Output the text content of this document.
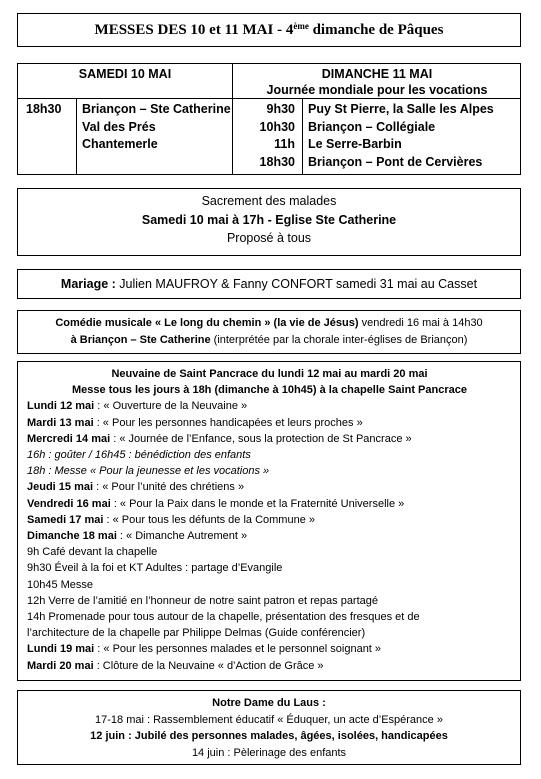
MESSES DES 10 et 11 MAI - 4ème dimanche de Pâques
SAMEDI 10 MAI	DIMANCHE 11 MAI
Journée mondiale pour les vocations
18h30 Briançon – Ste Catherine
Val des Prés
Chantemerle
9h30
10h30
11h
18h30
Puy St Pierre, la Salle les Alpes
Briançon – Collégiale
Le Serre-Barbin
Briançon – Pont de Cervières
Sacrement des malades
Samedi 10 mai à 17h - Eglise Ste Catherine
Proposé à tous
Mariage : Julien MAUFROY & Fanny CONFORT samedi 31 mai au Casset
Comédie musicale « Le long du chemin » (la vie de Jésus) vendredi 16 mai à 14h30
à Briançon – Ste Catherine (interprétée par la chorale inter-églises de Briançon)
Neuvaine de Saint Pancrace du lundi 12 mai au mardi 20 mai
Messe tous les jours à 18h (dimanche à 10h45) à la chapelle Saint Pancrace
Lundi 12 mai : « Ouverture de la Neuvaine »
Mardi 13 mai : « Pour les personnes handicapées et leurs proches »
Mercredi 14 mai : « Journée de l’Enfance, sous la protection de St Pancrace »
16h : goûter / 16h45 : bénédiction des enfants
18h : Messe « Pour la jeunesse et les vocations »
Jeudi 15 mai : « Pour l’unité des chrétiens »
Vendredi 16 mai : « Pour la Paix dans le monde et la Fraternité Universelle »
Samedi 17 mai : « Pour tous les défunts de la Commune »
Dimanche 18 mai : « Dimanche Autrement »
9h Café devant la chapelle
9h30 Éveil à la foi et KT Adultes : partage d’Evangile
10h45 Messe
12h Verre de l’amitié en l’honneur de notre saint patron et repas partagé
14h Promenade pour tous autour de la chapelle, présentation des fresques et de
l’architecture de la chapelle par Philippe Delmas (Guide conférencier)
Lundi 19 mai : « Pour les personnes malades et le personnel soignant »
Mardi 20 mai : Clôture de la Neuvaine « d’Action de Grâce »
Notre Dame du Laus :
17-18 mai : Rassemblement éducatif « Éduquer, un acte d’Espérance »
12 juin : Jubilé des personnes malades, âgées, isolées, handicapées
14 juin : Pèlerinage des enfants
